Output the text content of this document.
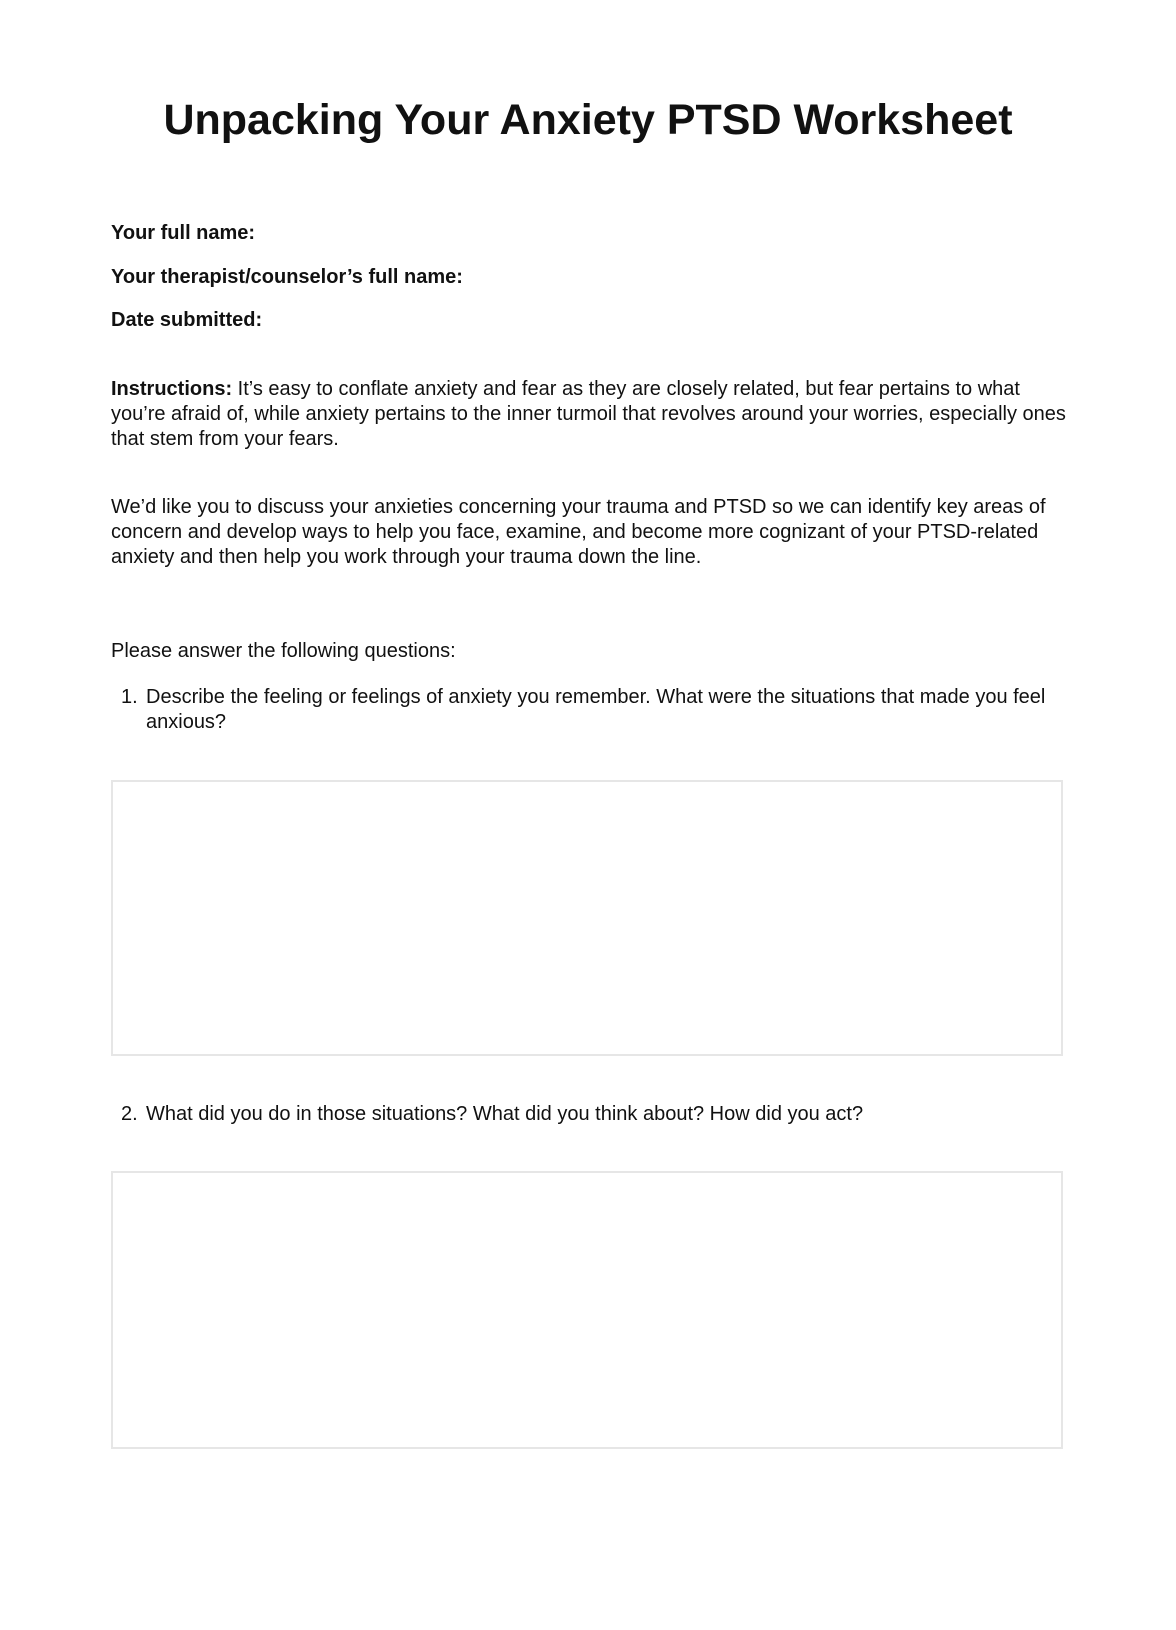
Unpacking Your Anxiety PTSD Worksheet
Your full name:
Your therapist/counselor’s full name:
Date submitted:
Instructions: It’s easy to conflate anxiety and fear as they are closely related, but fear pertains to what you’re afraid of, while anxiety pertains to the inner turmoil that revolves around your worries, especially ones that stem from your fears.
We’d like you to discuss your anxieties concerning your trauma and PTSD so we can identify key areas of concern and develop ways to help you face, examine, and become more cognizant of your PTSD-related anxiety and then help you work through your trauma down the line.
Please answer the following questions:
1. Describe the feeling or feelings of anxiety you remember. What were the situations that made you feel anxious?
2. What did you do in those situations? What did you think about? How did you act?
